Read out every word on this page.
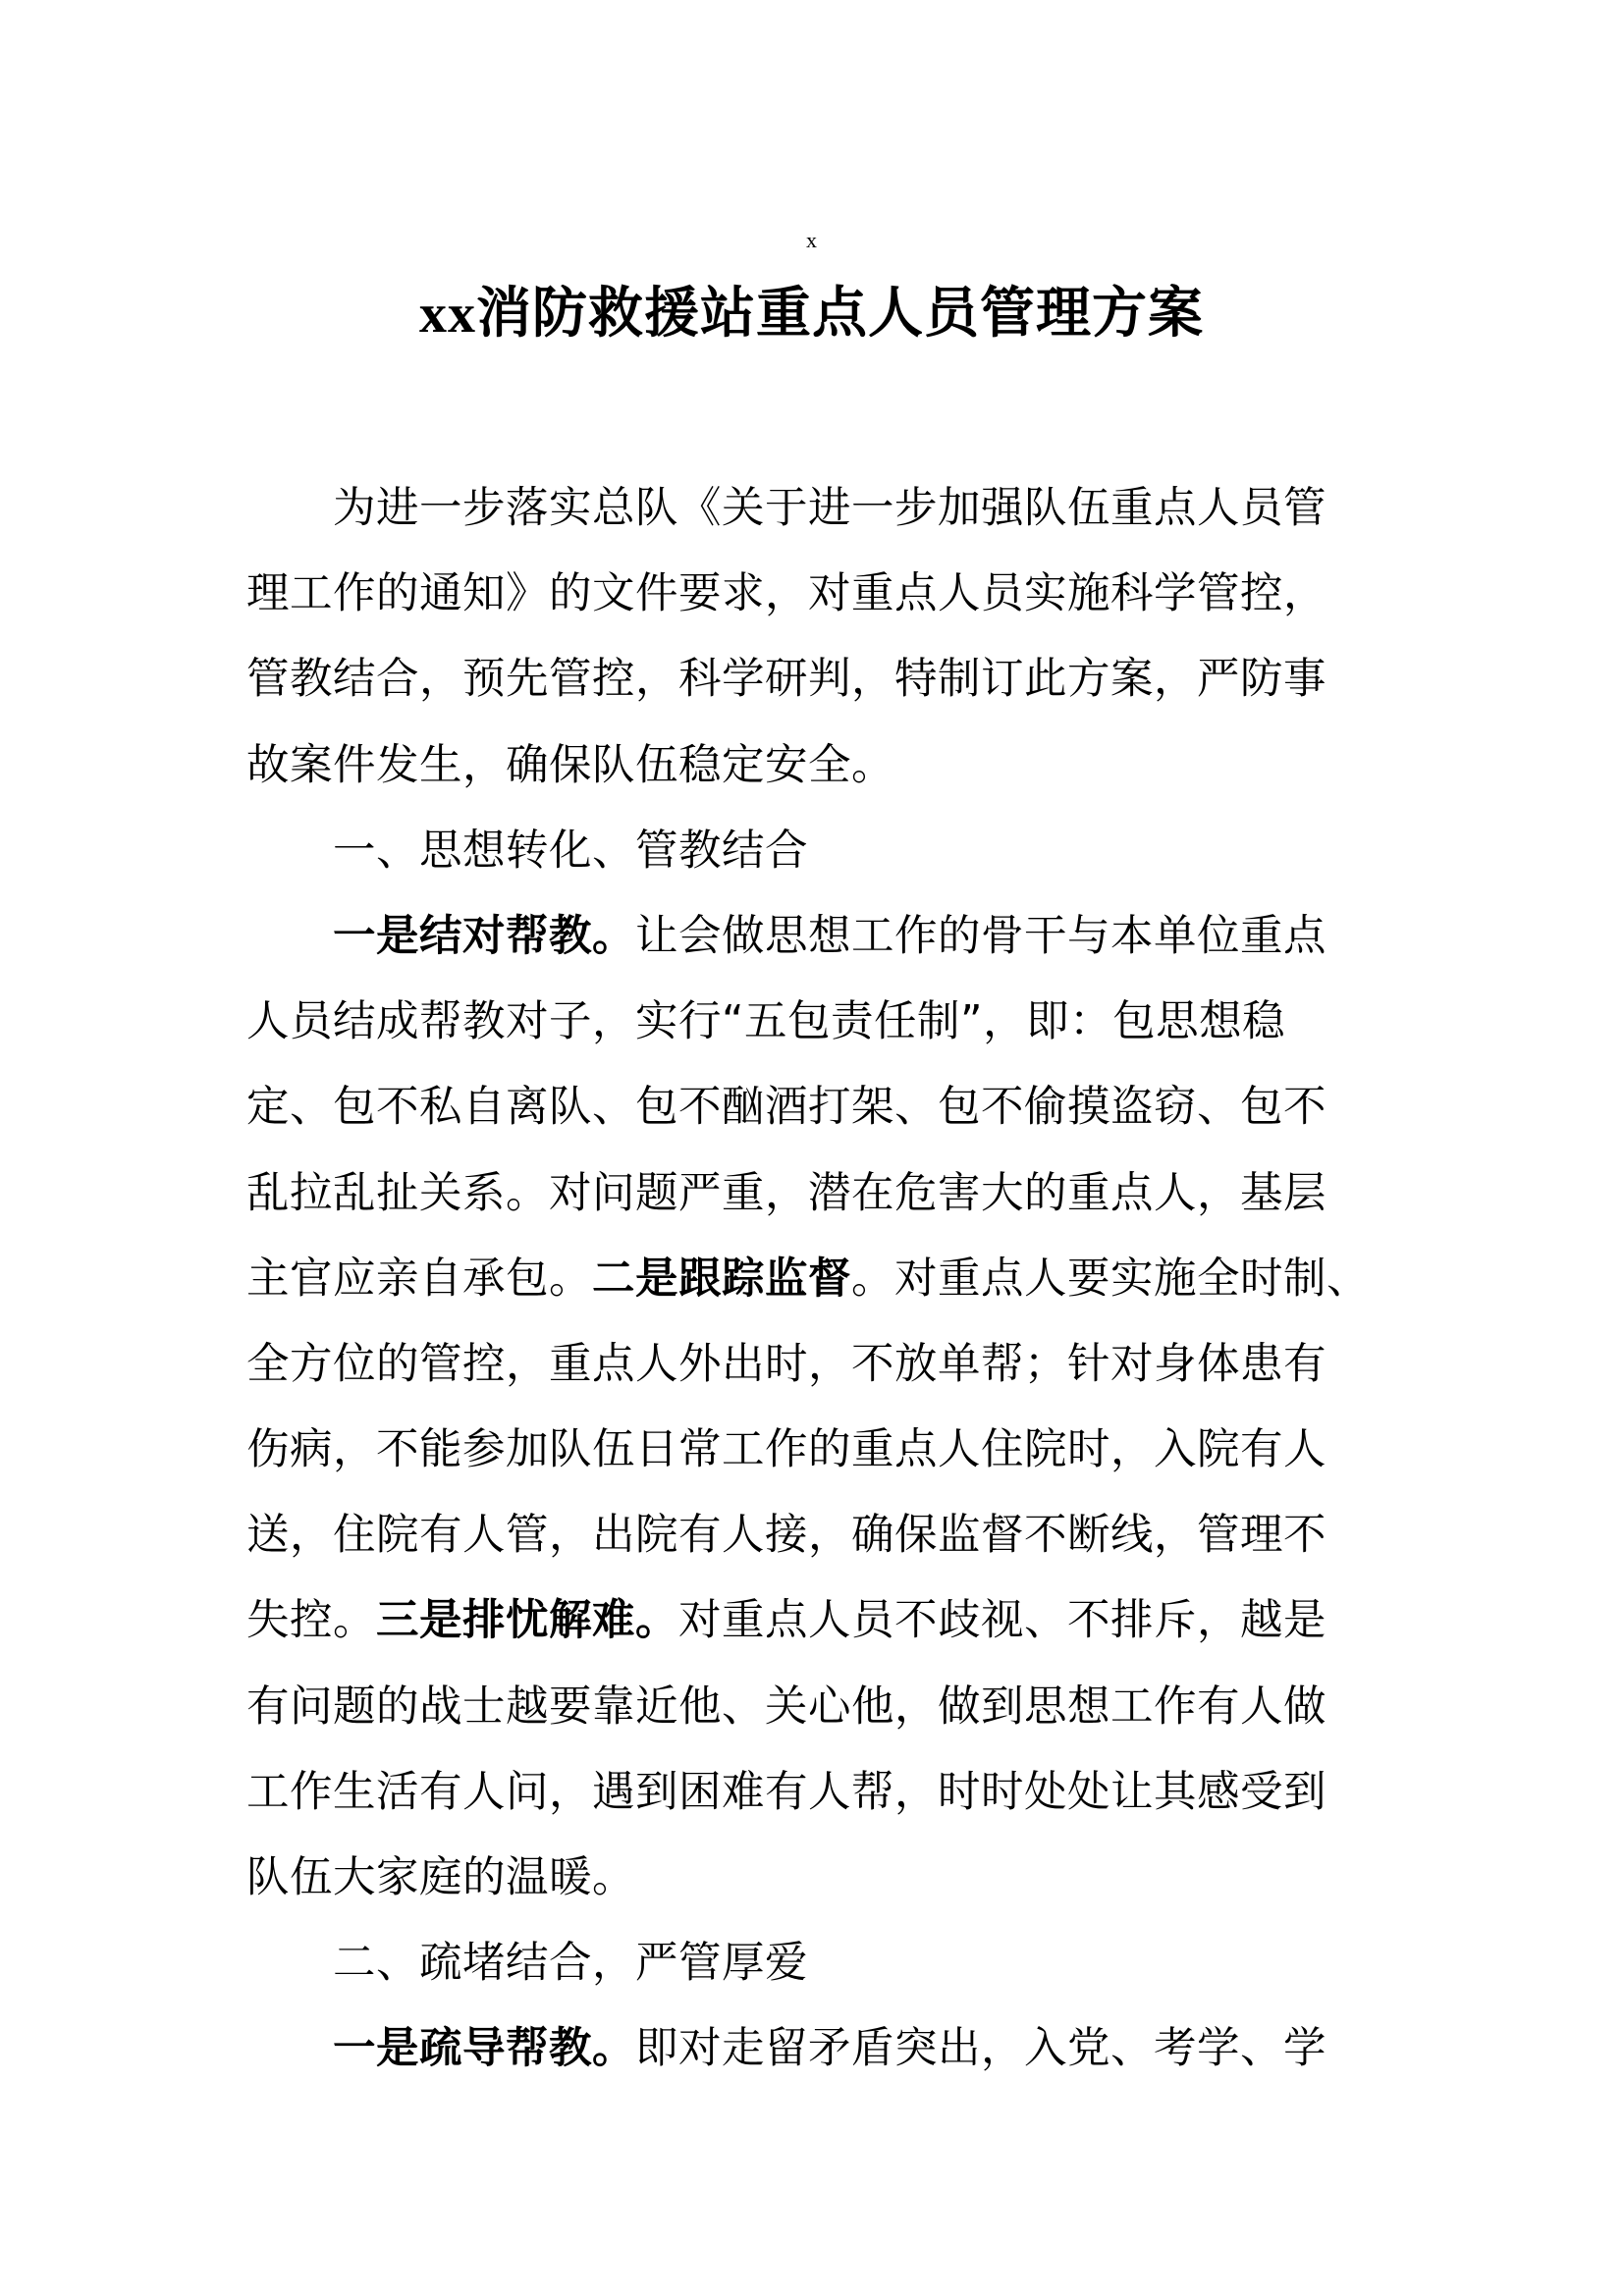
x
xx消防救援站重点人员管理方案
为进一步落实总队《关于进一步加强队伍重点人员管
理工作的通知》的文件要求，对重点人员实施科学管控，
管教结合，预先管控，科学研判，特制订此方案，严防事
故案件发生，确保队伍稳定安全。
一、思想转化、管教结合
一是结对帮教。让会做思想工作的骨干与本单位重点
人员结成帮教对子，实行“五包责任制”，即：包思想稳
定、包不私自离队、包不酗酒打架、包不偷摸盗窃、包不
乱拉乱扯关系。对问题严重，潜在危害大的重点人，基层
主官应亲自承包。二是跟踪监督。对重点人要实施全时制、
全方位的管控，重点人外出时，不放单帮；针对身体患有
伤病，不能参加队伍日常工作的重点人住院时，入院有人
送，住院有人管，出院有人接，确保监督不断线，管理不
失控。三是排忧解难。对重点人员不歧视、不排斥，越是
有问题的战士越要靠近他、关心他，做到思想工作有人做
工作生活有人问，遇到困难有人帮，时时处处让其感受到
队伍大家庭的温暖。
二、疏堵结合，严管厚爱
一是疏导帮教。即对走留矛盾突出，入党、考学、学
